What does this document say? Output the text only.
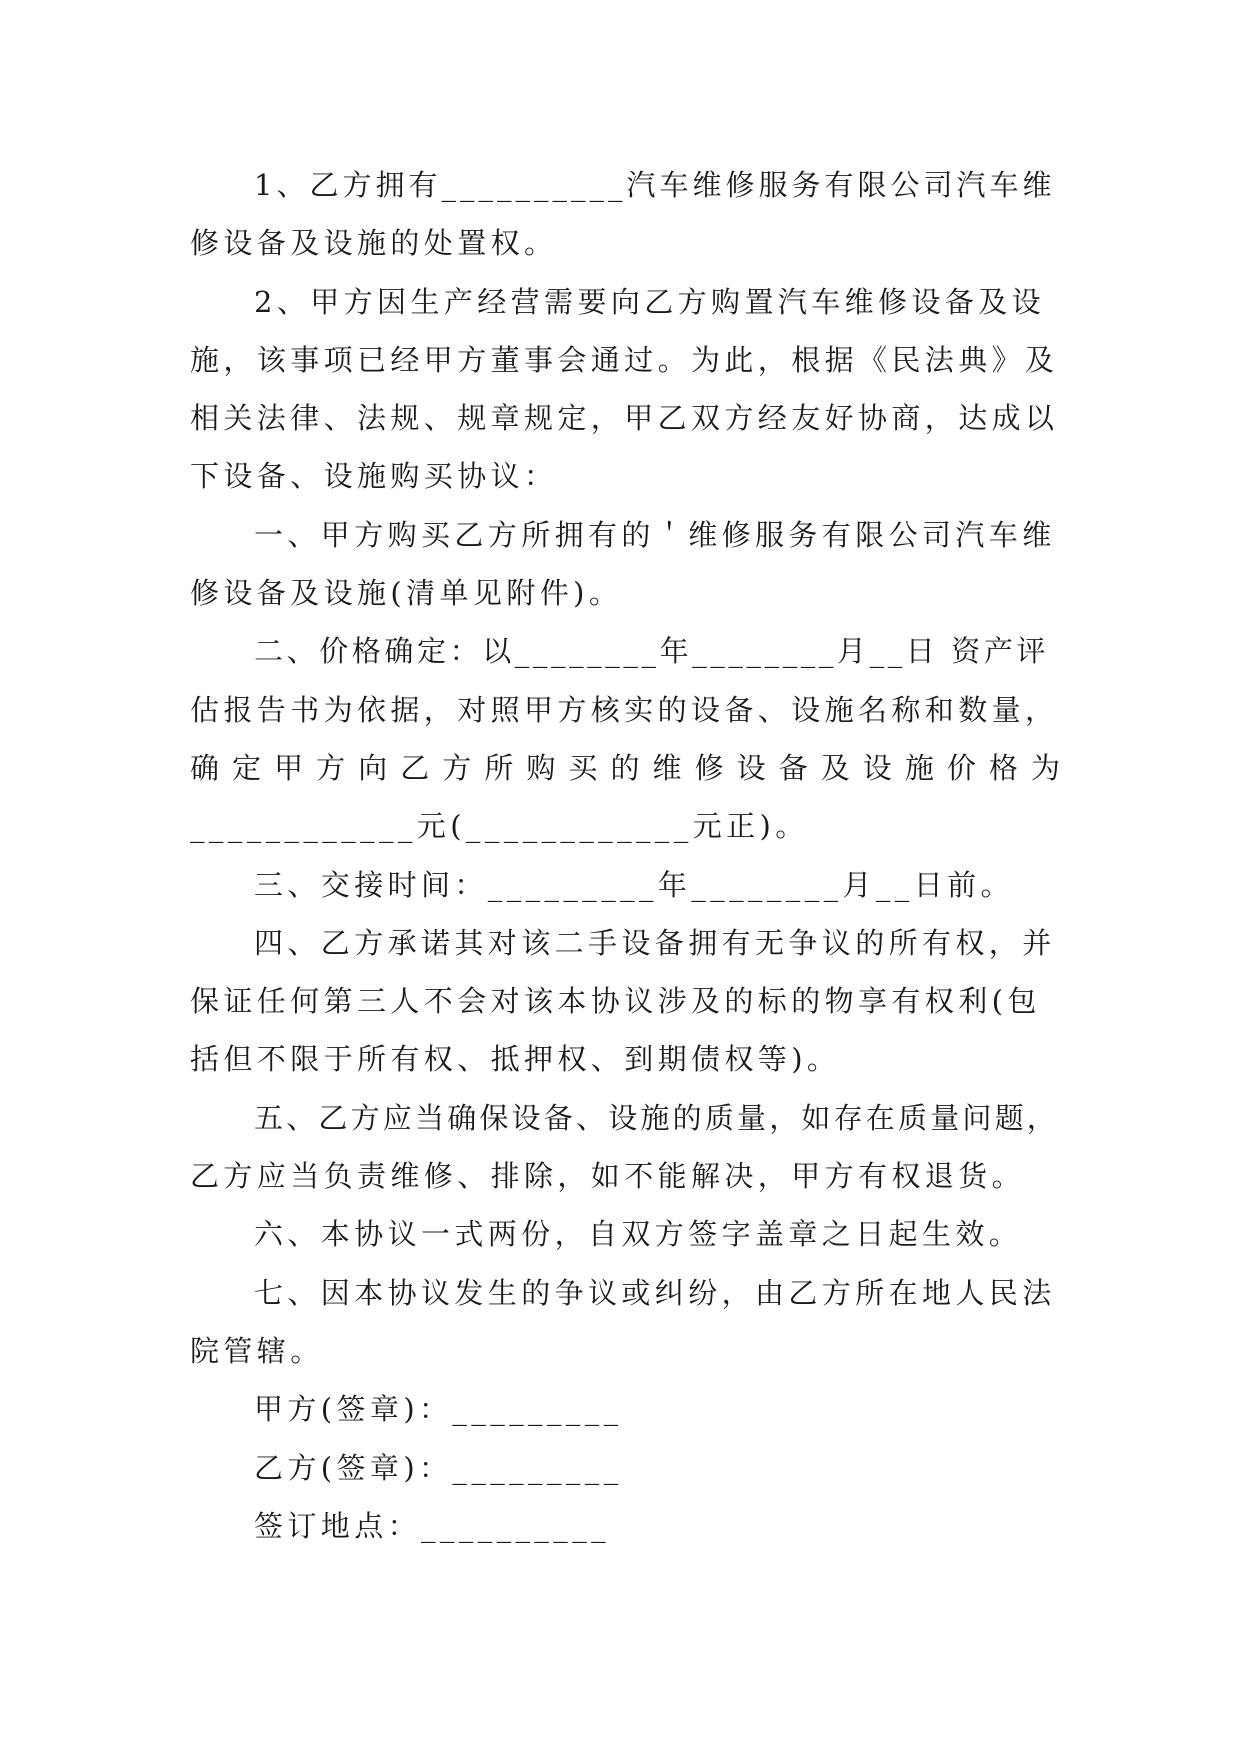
1、乙方拥有__________汽车维修服务有限公司汽车维
修设备及设施的处置权。
2、甲方因生产经营需要向乙方购置汽车维修设备及设
施，该事项已经甲方董事会通过。为此，根据《民法典》及
相关法律、法规、规章规定，甲乙双方经友好协商，达成以
下设备、设施购买协议：
一、甲方购买乙方所拥有的＇维修服务有限公司汽车维
修设备及设施(清单见附件)。
二、价格确定：以________年________月__日 资产评
估报告书为依据，对照甲方核实的设备、设施名称和数量，
确定甲方向乙方所购买的维修设备及设施价格为
____________元(____________元正)。
三、交接时间：_________年________月__日前。
四、乙方承诺其对该二手设备拥有无争议的所有权，并
保证任何第三人不会对该本协议涉及的标的物享有权利(包
括但不限于所有权、抵押权、到期债权等)。
五、乙方应当确保设备、设施的质量，如存在质量问题，
乙方应当负责维修、排除，如不能解决，甲方有权退货。
六、本协议一式两份，自双方签字盖章之日起生效。
七、因本协议发生的争议或纠纷，由乙方所在地人民法
院管辖。
甲方(签章)：_________
乙方(签章)：_________
签订地点：__________
